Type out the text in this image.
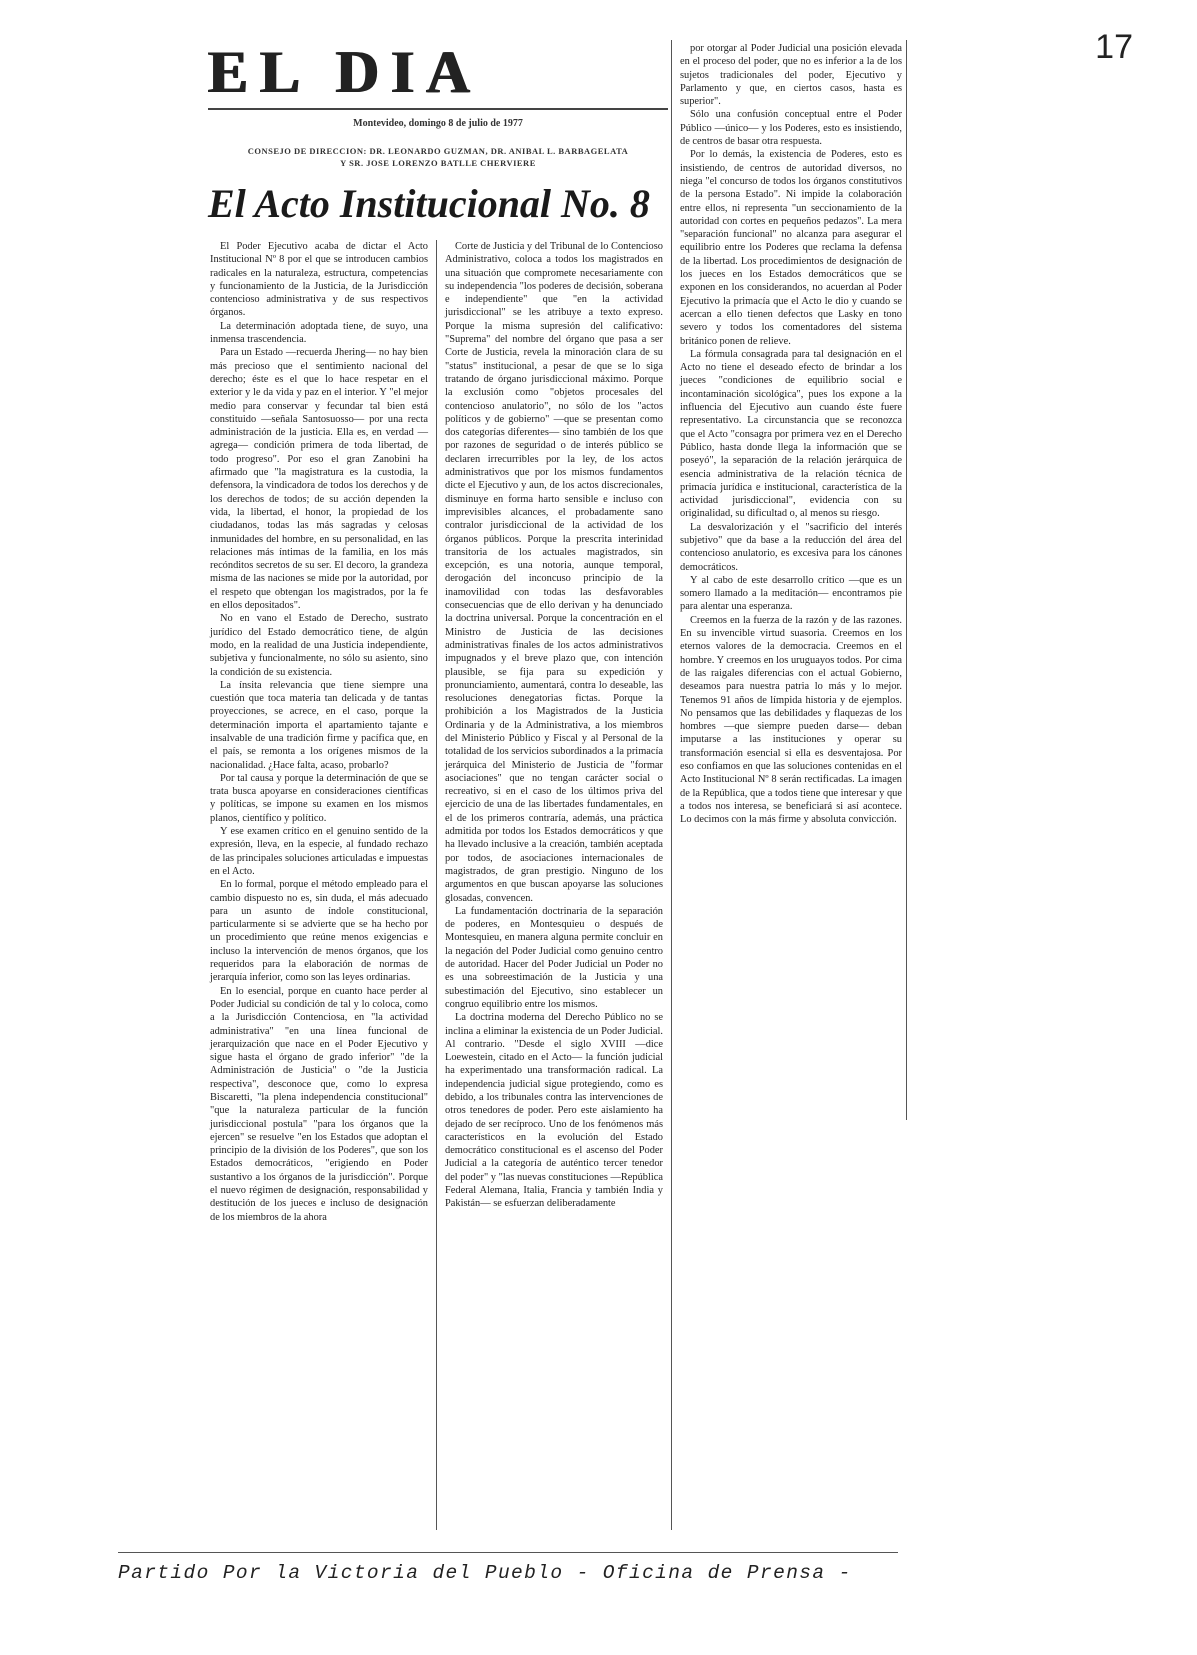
17
EL DIA
Montevideo, domingo 8 de julio de 1977
CONSEJO DE DIRECCION: DR. LEONARDO GUZMAN, DR. ANIBAL L. BARBAGELATA
Y SR. JOSE LORENZO BATLLE CHERVIERE
El Acto Institucional No. 8

El Poder Ejecutivo acaba de dictar el Acto Institucional Nº 8 por el que se introducen cambios radicales en la naturaleza, estructura, competencias y funcionamiento de la Justicia, de la Jurisdicción contencioso administrativa y de sus respectivos órganos.

La determinación adoptada tiene, de suyo, una inmensa trascendencia.

Para un Estado —recuerda Jhering— no hay bien más precioso que el sentimiento nacional del derecho; éste es el que lo hace respetar en el exterior y le da vida y paz en el interior. Y "el mejor medio para conservar y fecundar tal bien está constituido —señala Santosuosso— por una recta administración de la justicia. Ella es, en verdad —agrega— condición primera de toda libertad, de todo progreso". Por eso el gran Zanobini ha afirmado que "la magistratura es la custodia, la defensora, la vindicadora de todos los derechos y de los derechos de todos; de su acción dependen la vida, la libertad, el honor, la propiedad de los ciudadanos, todas las más sagradas y celosas inmunidades del hombre, en su personalidad, en las relaciones más íntimas de la familia, en los más recónditos secretos de su ser. El decoro, la grandeza misma de las naciones se mide por la autoridad, por el respeto que obtengan los magistrados, por la fe en ellos depositados".

No en vano el Estado de Derecho, sustrato jurídico del Estado democrático tiene, de algún modo, en la realidad de una Justicia independiente, subjetiva y funcionalmente, no sólo su asiento, sino la condición de su existencia.

La ínsita relevancia que tiene siempre una cuestión que toca materia tan delicada y de tantas proyecciones, se acrece, en el caso, porque la determinación importa el apartamiento tajante e insalvable de una tradición firme y pacífica que, en el país, se remonta a los orígenes mismos de la nacionalidad. ¿Hace falta, acaso, probarlo?

Por tal causa y porque la determinación de que se trata busca apoyarse en consideraciones científicas y políticas, se impone su examen en los mismos planos, científico y político.

Y ese examen crítico en el genuino sentido de la expresión, lleva, en la especie, al fundado rechazo de las principales soluciones articuladas e impuestas en el Acto.

En lo formal, porque el método empleado para el cambio dispuesto no es, sin duda, el más adecuado para un asunto de índole constitucional, particularmente si se advierte que se ha hecho por un procedimiento que reúne menos exigencias e incluso la intervención de menos órganos, que los requeridos para la elaboración de normas de jerarquía inferior, como son las leyes ordinarias.

En lo esencial, porque en cuanto hace perder al Poder Judicial su condición de tal y lo coloca, como a la Jurisdicción Contenciosa, en "la actividad administrativa" "en una línea funcional de jerarquización que nace en el Poder Ejecutivo y sigue hasta el órgano de grado inferior" "de la Administración de Justicia" o "de la Justicia respectiva", desconoce que, como lo expresa Biscaretti, "la plena independencia constitucional" "que la naturaleza particular de la función jurisdiccional postula" "para los órganos que la ejercen" se resuelve "en los Estados que adoptan el principio de la división de los Poderes", que son los Estados democráticos, "erigiendo en Poder sustantivo a los órganos de la jurisdicción". Porque el nuevo régimen de designación, responsabilidad y destitución de los jueces e incluso de designación de los miembros de la ahora

Corte de Justicia y del Tribunal de lo Contencioso Administrativo, coloca a todos los magistrados en una situación que compromete necesariamente con su independencia "los poderes de decisión, soberana e independiente" que "en la actividad jurisdiccional" se les atribuye a texto expreso. Porque la misma supresión del calificativo: "Suprema" del nombre del órgano que pasa a ser Corte de Justicia, revela la minoración clara de su "status" institucional, a pesar de que se lo siga tratando de órgano jurisdiccional máximo. Porque la exclusión como "objetos procesales del contencioso anulatorio", no sólo de los "actos políticos y de gobierno" —que se presentan como dos categorías diferentes— sino también de los que por razones de seguridad o de interés público se declaren irrecurribles por la ley, de los actos administrativos que por los mismos fundamentos dicte el Ejecutivo y aun, de los actos discrecionales, disminuye en forma harto sensible e incluso con imprevisibles alcances, el probadamente sano contralor jurisdiccional de la actividad de los órganos públicos. Porque la prescrita interinidad transitoria de los actuales magistrados, sin excepción, es una notoria, aunque temporal, derogación del inconcuso principio de la inamovilidad con todas las desfavorables consecuencias que de ello derivan y ha denunciado la doctrina universal. Porque la concentración en el Ministro de Justicia de las decisiones administrativas finales de los actos administrativos impugnados y el breve plazo que, con intención plausible, se fija para su expedición y pronunciamiento, aumentará, contra lo deseable, las resoluciones denegatorias fictas. Porque la prohibición a los Magistrados de la Justicia Ordinaria y de la Administrativa, a los miembros del Ministerio Público y Fiscal y al Personal de la totalidad de los servicios subordinados a la primacía jerárquica del Ministerio de Justicia de "formar asociaciones" que no tengan carácter social o recreativo, si en el caso de los últimos priva del ejercicio de una de las libertades fundamentales, en el de los primeros contraría, además, una práctica admitida por todos los Estados democráticos y que ha llevado inclusive a la creación, también aceptada por todos, de asociaciones internacionales de magistrados, de gran prestigio. Ninguno de los argumentos en que buscan apoyarse las soluciones glosadas, convencen.

La fundamentación doctrinaria de la separación de poderes, en Montesquieu o después de Montesquieu, en manera alguna permite concluir en la negación del Poder Judicial como genuino centro de autoridad. Hacer del Poder Judicial un Poder no es una sobreestimación de la Justicia y una subestimación del Ejecutivo, sino establecer un congruo equilibrio entre los mismos.

La doctrina moderna del Derecho Público no se inclina a eliminar la existencia de un Poder Judicial. Al contrario. "Desde el siglo XVIII —dice Loewestein, citado en el Acto— la función judicial ha experimentado una transformación radical. La independencia judicial sigue protegiendo, como es debido, a los tribunales contra las intervenciones de otros tenedores de poder. Pero este aislamiento ha dejado de ser recíproco. Uno de los fenómenos más característicos en la evolución del Estado democrático constitucional es el ascenso del Poder Judicial a la categoría de auténtico tercer tenedor del poder" y "las nuevas constituciones —República Federal Alemana, Italia, Francia y también India y Pakistán— se esfuerzan deliberadamente

por otorgar al Poder Judicial una posición elevada en el proceso del poder, que no es inferior a la de los sujetos tradicionales del poder, Ejecutivo y Parlamento y que, en ciertos casos, hasta es superior".

Sólo una confusión conceptual entre el Poder Público —único— y los Poderes, esto es insistiendo, de centros de basar otra respuesta.

Por lo demás, la existencia de Poderes, esto es insistiendo, de centros de autoridad diversos, no niega "el concurso de todos los órganos constitutivos de la persona Estado". Ni impide la colaboración entre ellos, ni representa "un seccionamiento de la autoridad con cortes en pequeños pedazos". La mera "separación funcional" no alcanza para asegurar el equilibrio entre los Poderes que reclama la defensa de la libertad. Los procedimientos de designación de los jueces en los Estados democráticos que se exponen en los considerandos, no acuerdan al Poder Ejecutivo la primacía que el Acto le dio y cuando se acercan a ello tienen defectos que Lasky en tono severo y todos los comentadores del sistema británico ponen de relieve.

La fórmula consagrada para tal designación en el Acto no tiene el deseado efecto de brindar a los jueces "condiciones de equilibrio social e incontaminación sicológica", pues los expone a la influencia del Ejecutivo aun cuando éste fuere representativo. La circunstancia que se reconozca que el Acto "consagra por primera vez en el Derecho Público, hasta donde llega la información que se poseyó", la separación de la relación jerárquica de esencia administrativa de la relación técnica de primacía jurídica e institucional, característica de la actividad jurisdiccional", evidencia con su originalidad, su dificultad o, al menos su riesgo.

La desvalorización y el "sacrificio del interés subjetivo" que da base a la reducción del área del contencioso anulatorio, es excesiva para los cánones democráticos.

Y al cabo de este desarrollo crítico —que es un somero llamado a la meditación— encontramos pie para alentar una esperanza.

Creemos en la fuerza de la razón y de las razones. En su invencible virtud suasoria. Creemos en los eternos valores de la democracia. Creemos en el hombre. Y creemos en los uruguayos todos. Por cima de las raigales diferencias con el actual Gobierno, deseamos para nuestra patria lo más y lo mejor. Tenemos 91 años de límpida historia y de ejemplos. No pensamos que las debilidades y flaquezas de los hombres —que siempre pueden darse— deban imputarse a las instituciones y operar su transformación esencial si ella es desventajosa. Por eso confiamos en que las soluciones contenidas en el Acto Institucional Nº 8 serán rectificadas. La imagen de la República, que a todos tiene que interesar y que a todos nos interesa, se beneficiará si así acontece. Lo decimos con la más firme y absoluta convicción.

Partido Por la Victoria del Pueblo - Oficina de Prensa -
